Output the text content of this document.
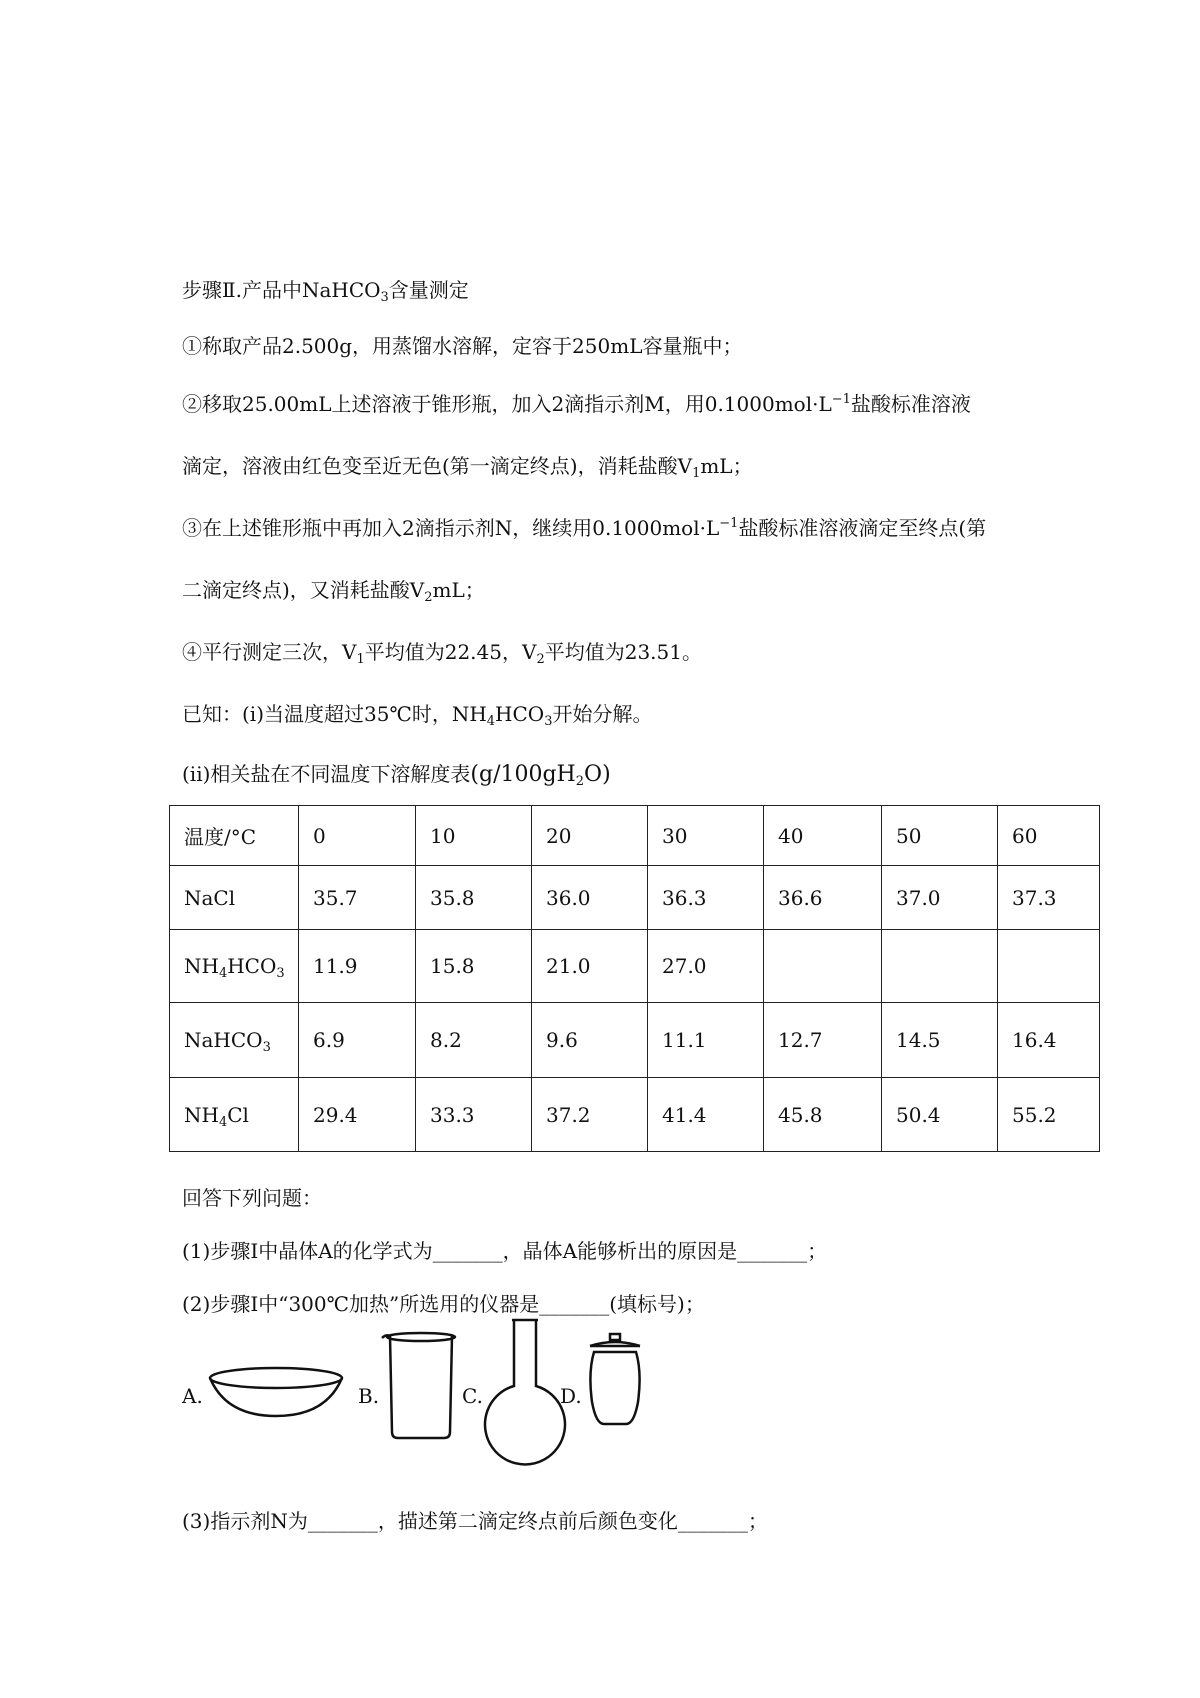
步骤Ⅱ.产品中NaHCO$_3$含量测定
①称取产品2.500g，用蒸馏水溶解，定容于250mL容量瓶中；
②移取25.00mL上述溶液于锥形瓶，加入2滴指示剂M，用$0.1000mol\cdot L^{-1}$盐酸标准溶液
滴定，溶液由红色变至近无色(第一滴定终点)，消耗盐酸$V_1mL$；
③在上述锥形瓶中再加入2滴指示剂N，继续用$0.1000mol\cdot L^{-1}$盐酸标准溶液滴定至终点(第
二滴定终点)，又消耗盐酸$V_2mL$；
④平行测定三次，$V_1$平均值为22.45，$V_2$平均值为23.51。
已知：(i)当温度超过35℃时，$NH_4HCO_3$开始分解。
(ii)相关盐在不同温度下溶解度表$(g/100gH_2O)$
温度/°C	0	10	20	30	40	50	60
NaCl	35.7	35.8	36.0	36.3	36.6	37.0	37.3
$NH_4HCO_3$	11.9	15.8	21.0	27.0			
NaHCO$_3$	6.9	8.2	9.6	11.1	12.7	14.5	16.4
$NH_4Cl$	29.4	33.3	37.2	41.4	45.8	50.4	55.2
回答下列问题：
(1)步骤I中晶体A的化学式为_______，晶体A能够析出的原因是_______；
(2)步骤I中“300℃加热”所选用的仪器是_______(填标号)；
A.	B.	C.	D.
(3)指示剂N为_______，描述第二滴定终点前后颜色变化_______；
